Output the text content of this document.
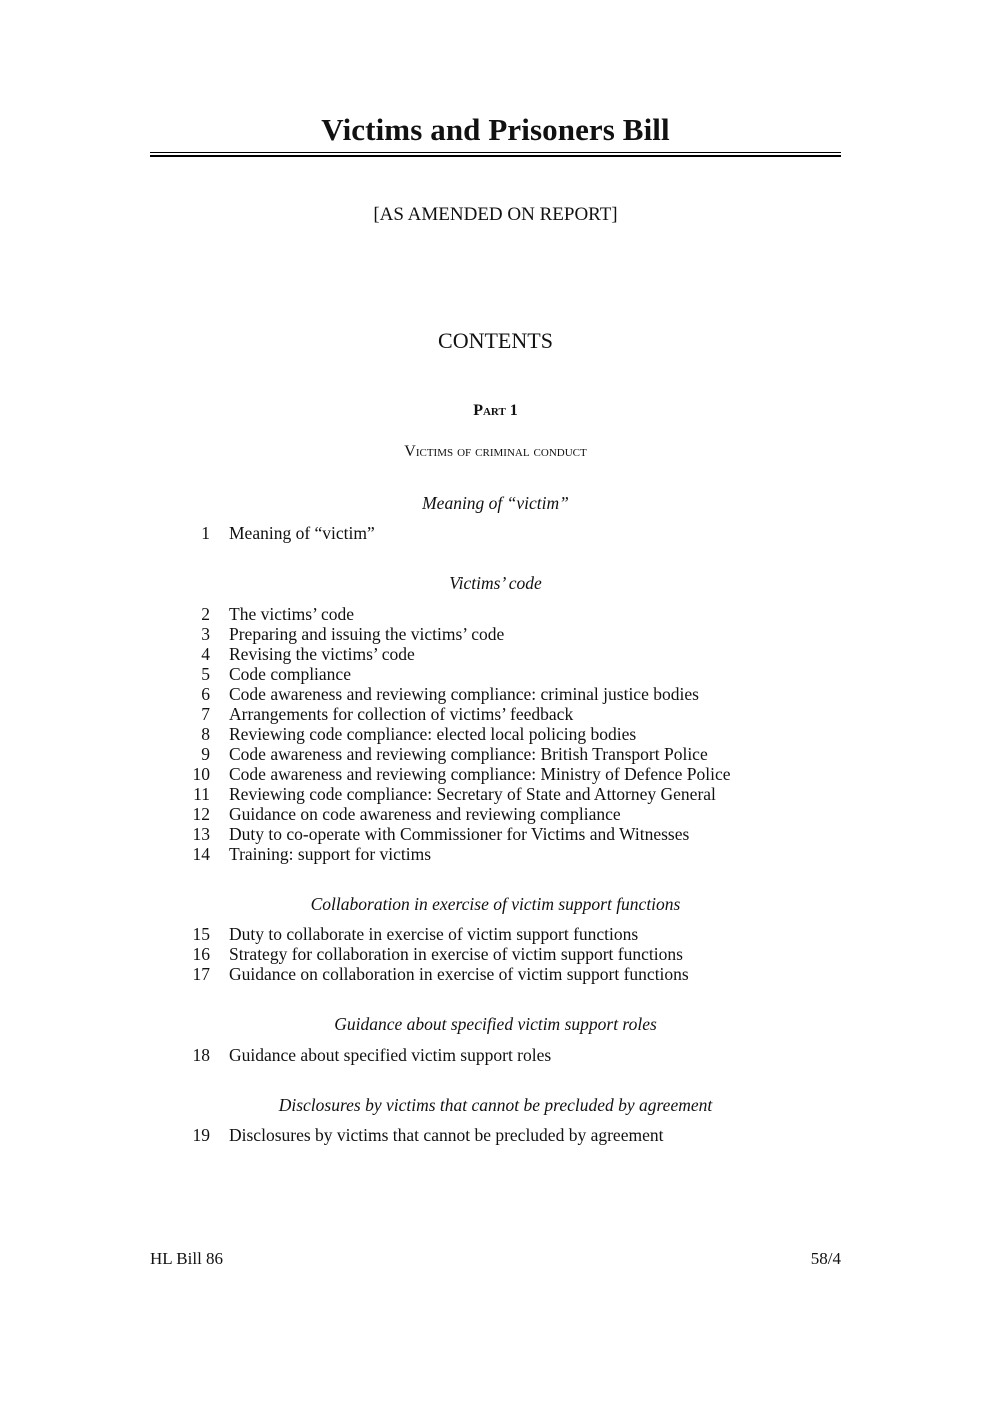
Victims and Prisoners Bill
[AS AMENDED ON REPORT]
CONTENTS
Part 1
Victims of criminal conduct
Meaning of “victim”
1	Meaning of “victim”
Victims’ code
2	The victims’ code
3	Preparing and issuing the victims’ code
4	Revising the victims’ code
5	Code compliance
6	Code awareness and reviewing compliance: criminal justice bodies
7	Arrangements for collection of victims’ feedback
8	Reviewing code compliance: elected local policing bodies
9	Code awareness and reviewing compliance: British Transport Police
10	Code awareness and reviewing compliance: Ministry of Defence Police
11	Reviewing code compliance: Secretary of State and Attorney General
12	Guidance on code awareness and reviewing compliance
13	Duty to co-operate with Commissioner for Victims and Witnesses
14	Training: support for victims
Collaboration in exercise of victim support functions
15	Duty to collaborate in exercise of victim support functions
16	Strategy for collaboration in exercise of victim support functions
17	Guidance on collaboration in exercise of victim support functions
Guidance about specified victim support roles
18	Guidance about specified victim support roles
Disclosures by victims that cannot be precluded by agreement
19	Disclosures by victims that cannot be precluded by agreement
HL Bill 86	58/4
